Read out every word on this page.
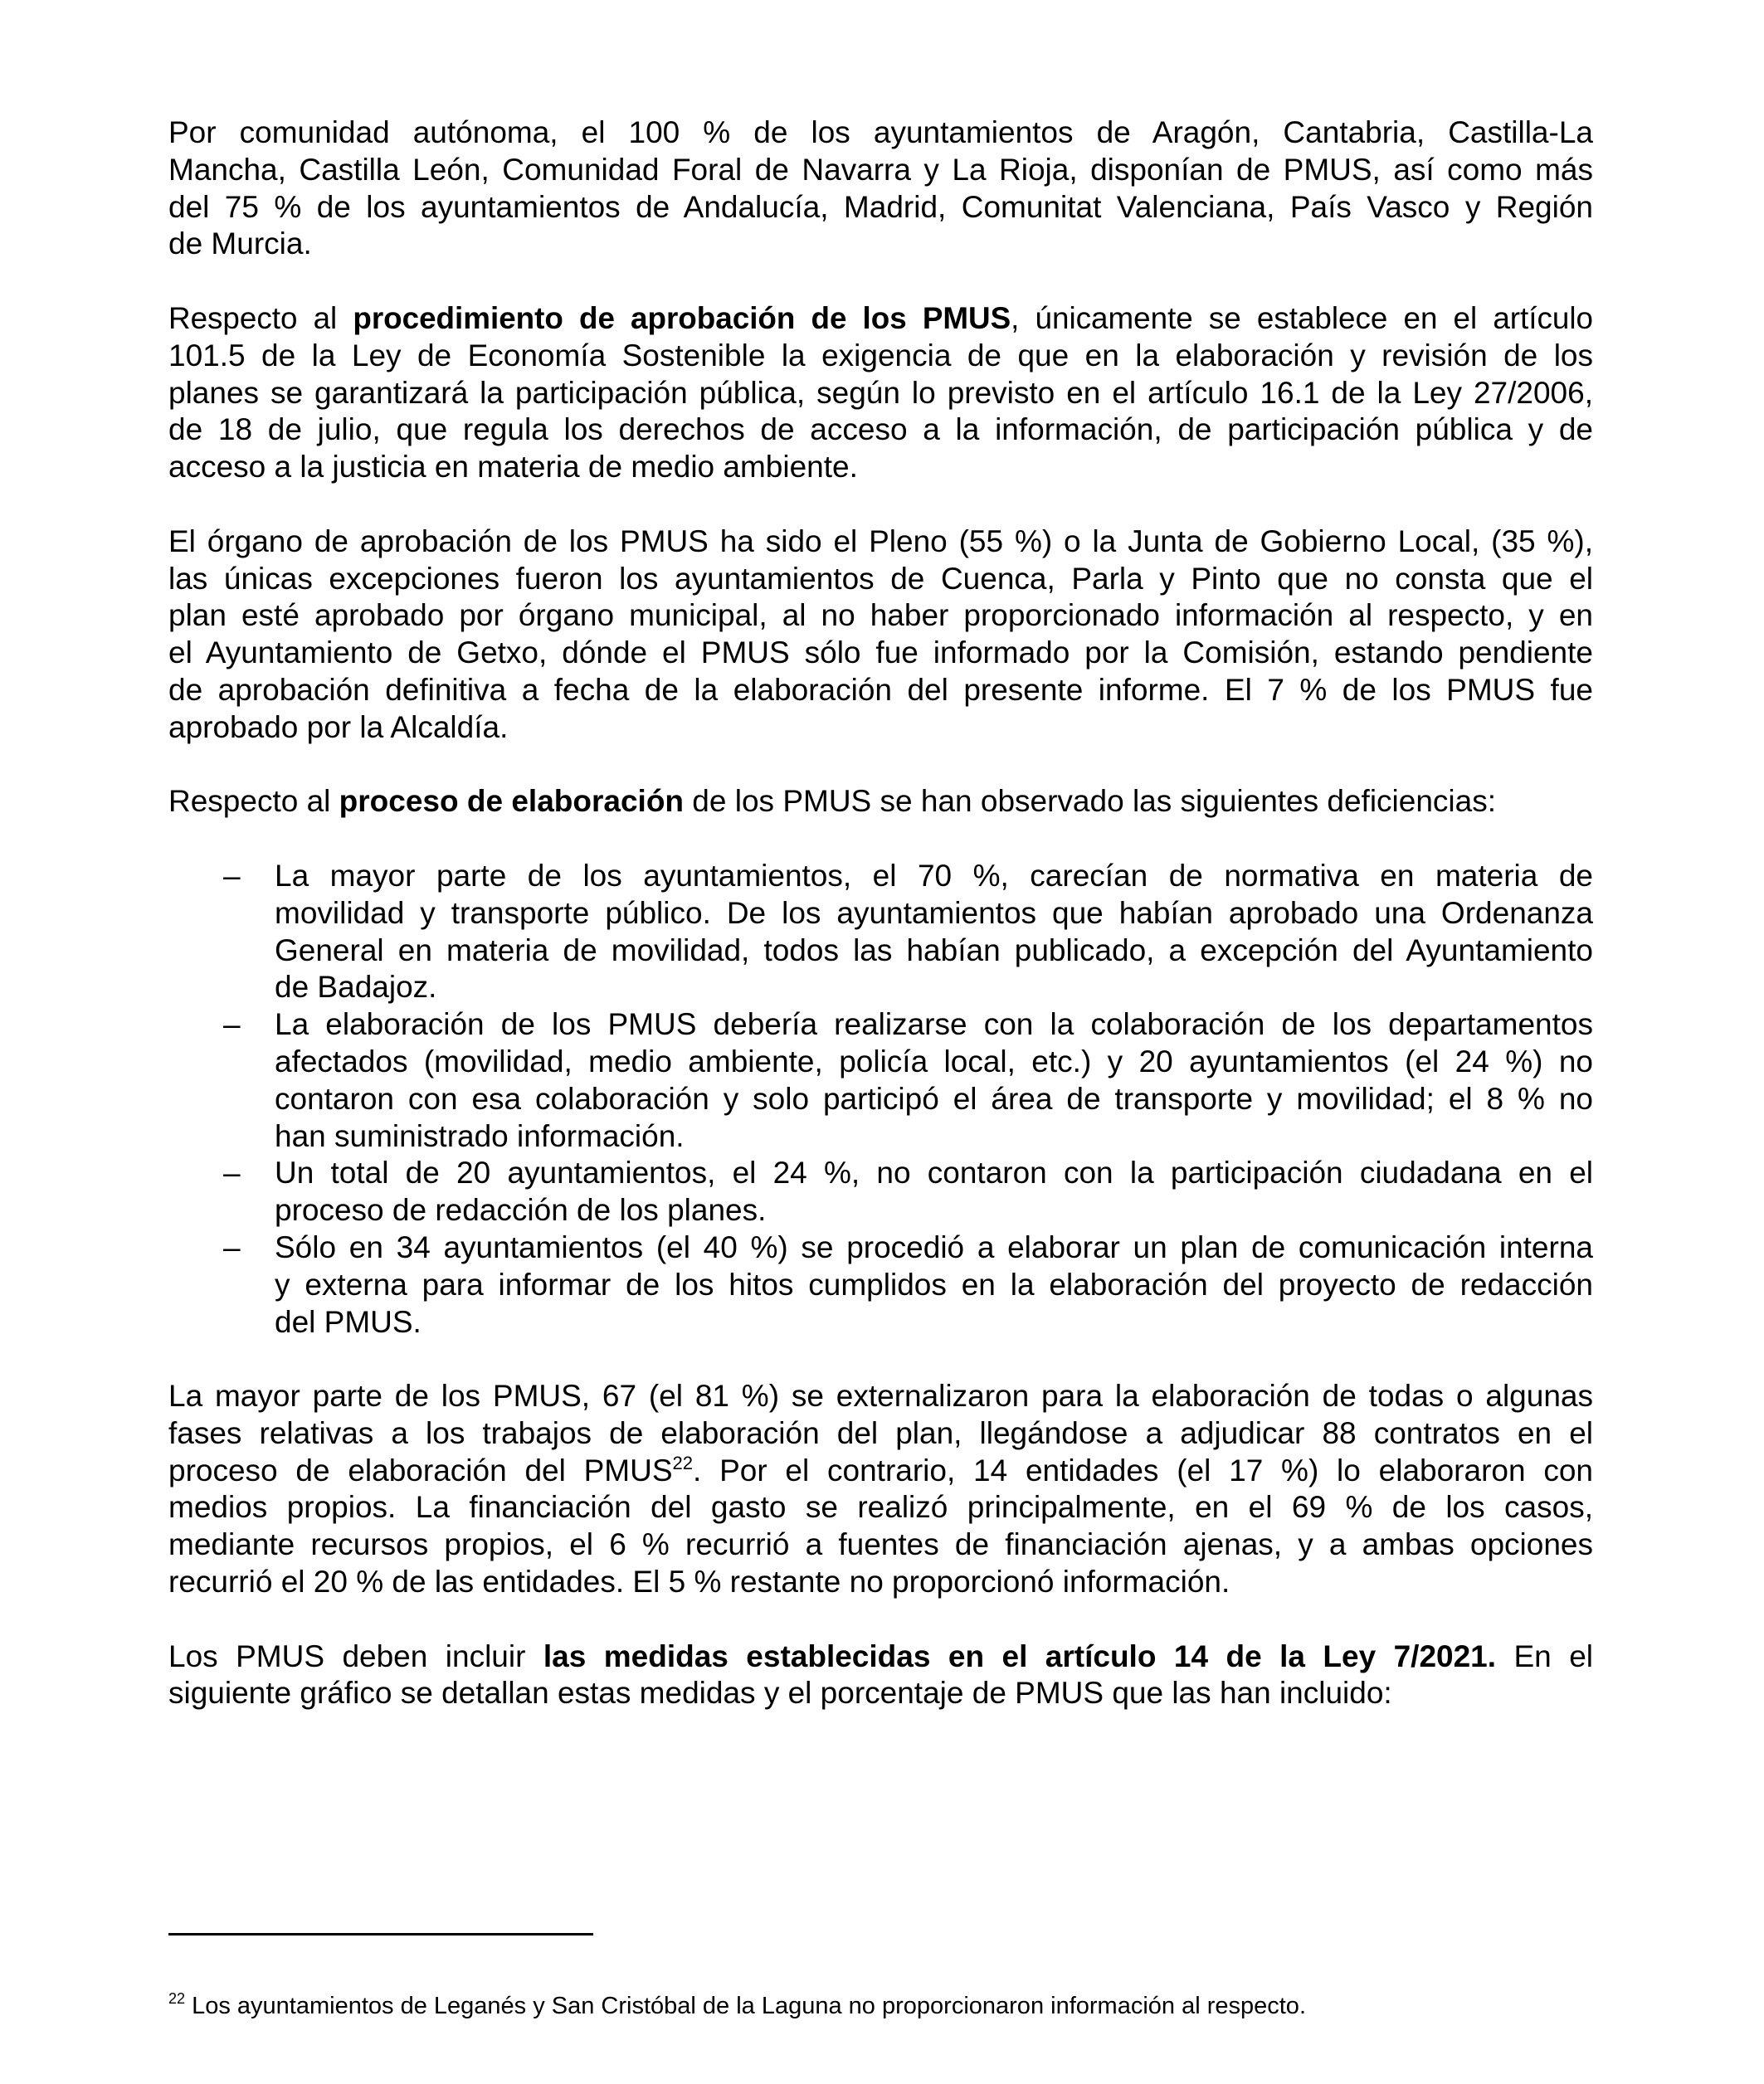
Por comunidad autónoma, el 100 % de los ayuntamientos de Aragón, Cantabria, Castilla-La
Mancha, Castilla León, Comunidad Foral de Navarra y La Rioja, disponían de PMUS, así como más
del 75 % de los ayuntamientos de Andalucía, Madrid, Comunitat Valenciana, País Vasco y Región
de Murcia.
Respecto al procedimiento de aprobación de los PMUS, únicamente se establece en el artículo
101.5 de la Ley de Economía Sostenible la exigencia de que en la elaboración y revisión de los
planes se garantizará la participación pública, según lo previsto en el artículo 16.1 de la Ley 27/2006,
de 18 de julio, que regula los derechos de acceso a la información, de participación pública y de
acceso a la justicia en materia de medio ambiente.
El órgano de aprobación de los PMUS ha sido el Pleno (55 %) o la Junta de Gobierno Local, (35 %),
las únicas excepciones fueron los ayuntamientos de Cuenca, Parla y Pinto que no consta que el
plan esté aprobado por órgano municipal, al no haber proporcionado información al respecto, y en
el Ayuntamiento de Getxo, dónde el PMUS sólo fue informado por la Comisión, estando pendiente
de aprobación definitiva a fecha de la elaboración del presente informe. El 7 % de los PMUS fue
aprobado por la Alcaldía.
Respecto al proceso de elaboración de los PMUS se han observado las siguientes deficiencias:
– La mayor parte de los ayuntamientos, el 70 %, carecían de normativa en materia de
movilidad y transporte público. De los ayuntamientos que habían aprobado una Ordenanza
General en materia de movilidad, todos las habían publicado, a excepción del Ayuntamiento
de Badajoz.
– La elaboración de los PMUS debería realizarse con la colaboración de los departamentos
afectados (movilidad, medio ambiente, policía local, etc.) y 20 ayuntamientos (el 24 %) no
contaron con esa colaboración y solo participó el área de transporte y movilidad; el 8 % no
han suministrado información.
– Un total de 20 ayuntamientos, el 24 %, no contaron con la participación ciudadana en el
proceso de redacción de los planes.
– Sólo en 34 ayuntamientos (el 40 %) se procedió a elaborar un plan de comunicación interna
y externa para informar de los hitos cumplidos en la elaboración del proyecto de redacción
del PMUS.
La mayor parte de los PMUS, 67 (el 81 %) se externalizaron para la elaboración de todas o algunas
fases relativas a los trabajos de elaboración del plan, llegándose a adjudicar 88 contratos en el
proceso de elaboración del PMUS$^{22}$. Por el contrario, 14 entidades (el 17 %) lo elaboraron con
medios propios. La financiación del gasto se realizó principalmente, en el 69 % de los casos,
mediante recursos propios, el 6 % recurrió a fuentes de financiación ajenas, y a ambas opciones
recurrió el 20 % de las entidades. El 5 % restante no proporcionó información.
Los PMUS deben incluir las medidas establecidas en el artículo 14 de la Ley 7/2021. En el
siguiente gráfico se detallan estas medidas y el porcentaje de PMUS que las han incluido:
$^{22}$ Los ayuntamientos de Leganés y San Cristóbal de la Laguna no proporcionaron información al respecto.
